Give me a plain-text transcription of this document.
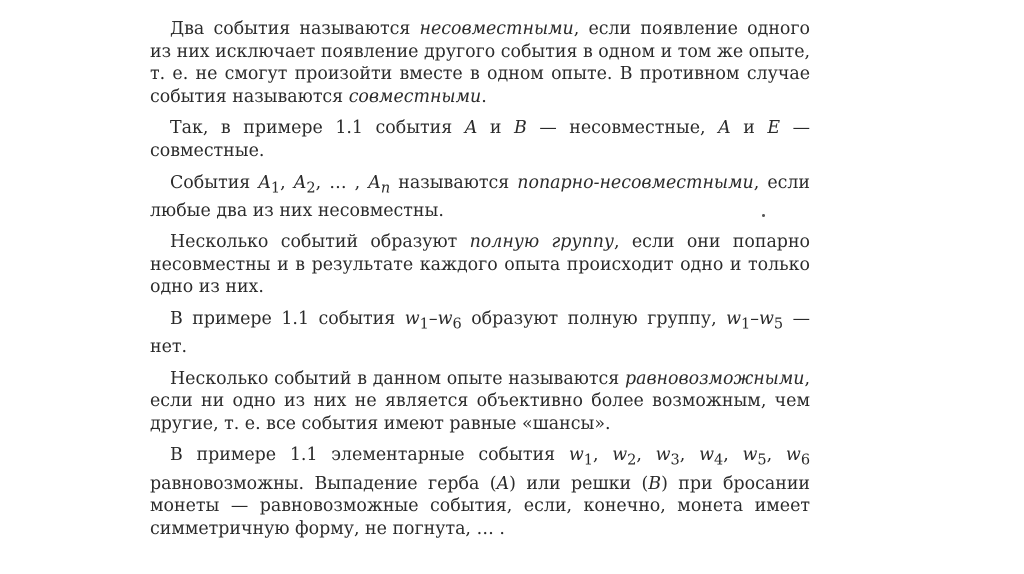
Два события называются несовместными, если появление одного из них исключает появление другого события в одном и том же опыте, т. е. не смогут произойти вместе в одном опыте. В противном случае события называются совместными.

Так, в примере 1.1 события A и B — несовместные, A и E — совместные.

События $A_1$, $A_2$, … , $A_n$ называются попарно-несовместными, если любые два из них несовместны.

Несколько событий образуют полную группу, если они попарно несовместны и в результате каждого опыта происходит одно и только одно из них.

В примере 1.1 события $w_1-w_6$ образуют полную группу, $w_1-w_5$ — нет.

Несколько событий в данном опыте называются равновозможными, если ни одно из них не является объективно более возможным, чем другие, т. е. все события имеют равные «шансы».

В примере 1.1 элементарные события $w_1$, $w_2$, $w_3$, $w_4$, $w_5$, $w_6$ равновозможны. Выпадение герба (A) или решки (B) при бросании монеты — равновозможные события, если, конечно, монета имеет симметричную форму, не погнута, … .
